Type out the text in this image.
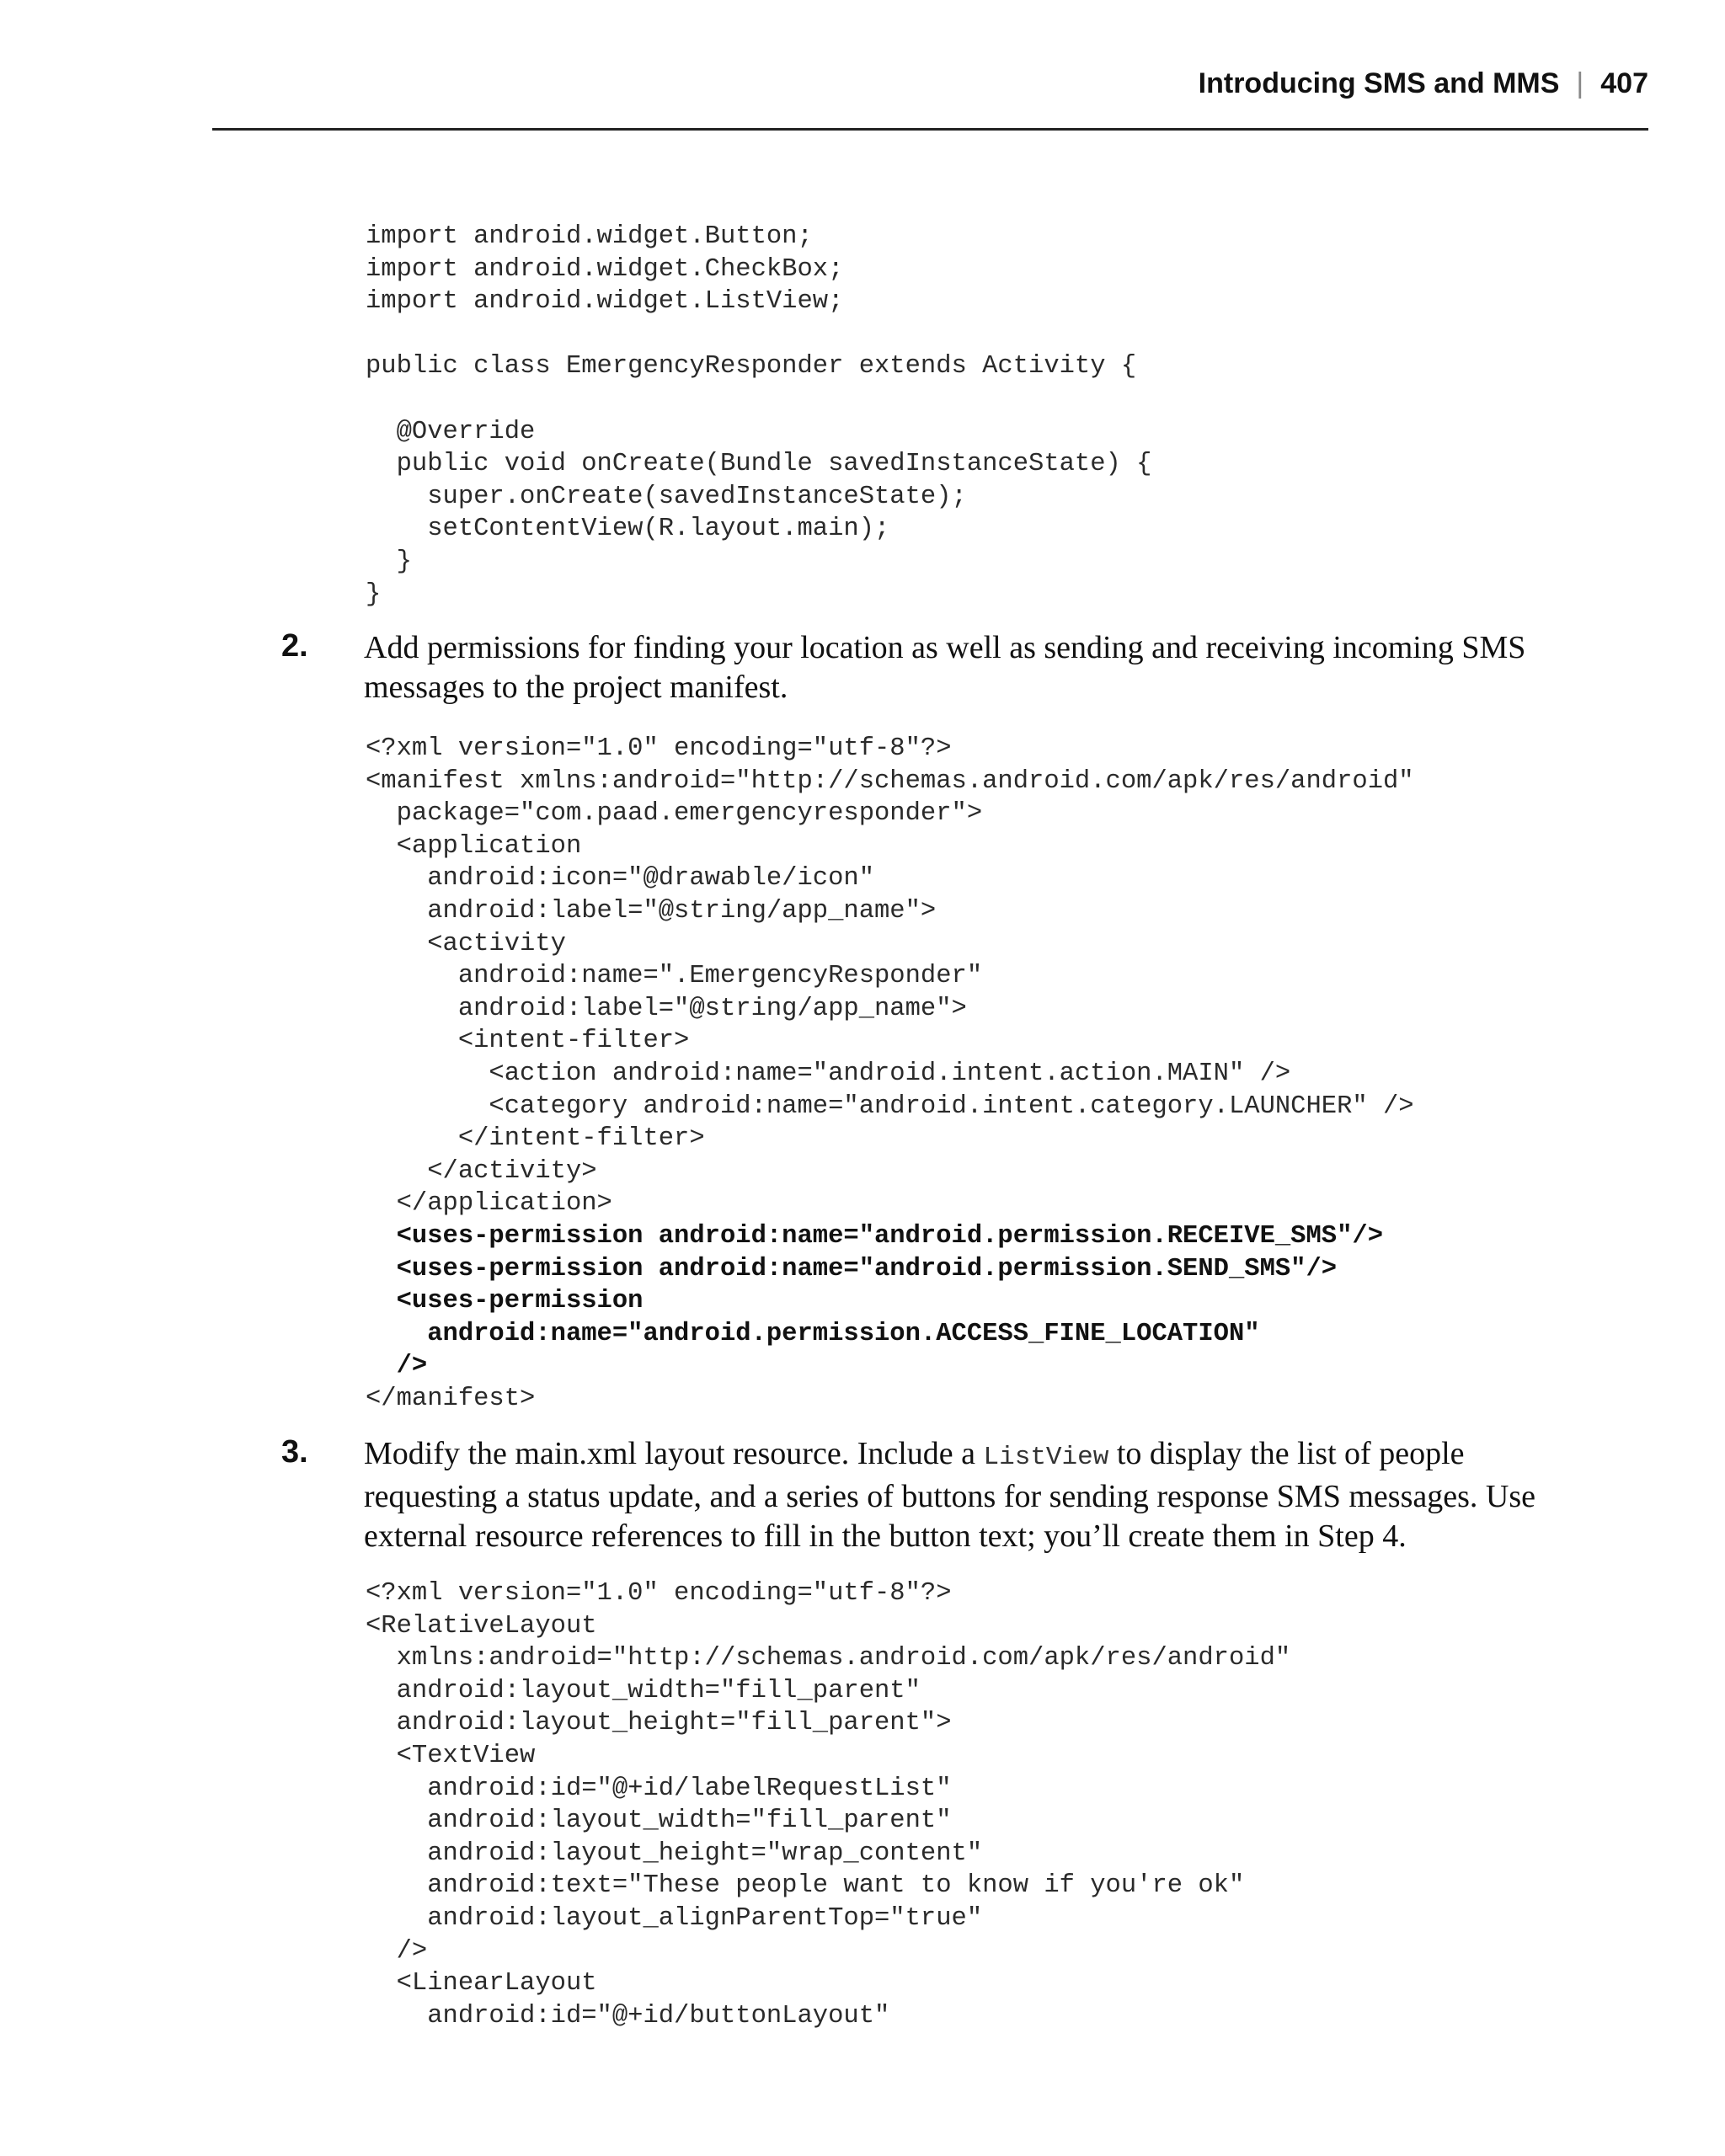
Introducing SMS and MMS | 407
import android.widget.Button;
import android.widget.CheckBox;
import android.widget.ListView;
public class EmergencyResponder extends Activity {
@Override
public void onCreate(Bundle savedInstanceState) {
super.onCreate(savedInstanceState);
setContentView(R.layout.main);
}
}
2. Add permissions for finding your location as well as sending and receiving incoming SMS messages to the project manifest.
<?xml version="1.0" encoding="utf-8"?>
<manifest xmlns:android="http://schemas.android.com/apk/res/android"
package="com.paad.emergencyresponder">
<application
android:icon="@drawable/icon"
android:label="@string/app_name">
<activity
android:name=".EmergencyResponder"
android:label="@string/app_name">
<intent-filter>
<action android:name="android.intent.action.MAIN" />
<category android:name="android.intent.category.LAUNCHER" />
</intent-filter>
</activity>
</application>
<uses-permission android:name="android.permission.RECEIVE_SMS"/>
<uses-permission android:name="android.permission.SEND_SMS"/>
<uses-permission
android:name="android.permission.ACCESS_FINE_LOCATION"
/>
</manifest>
3. Modify the main.xml layout resource. Include a ListView to display the list of people requesting a status update, and a series of buttons for sending response SMS messages. Use external resource references to fill in the button text; you’ll create them in Step 4.
<?xml version="1.0" encoding="utf-8"?>
<RelativeLayout
xmlns:android="http://schemas.android.com/apk/res/android"
android:layout_width="fill_parent"
android:layout_height="fill_parent">
<TextView
android:id="@+id/labelRequestList"
android:layout_width="fill_parent"
android:layout_height="wrap_content"
android:text="These people want to know if you're ok"
android:layout_alignParentTop="true"
/>
<LinearLayout
android:id="@+id/buttonLayout"
